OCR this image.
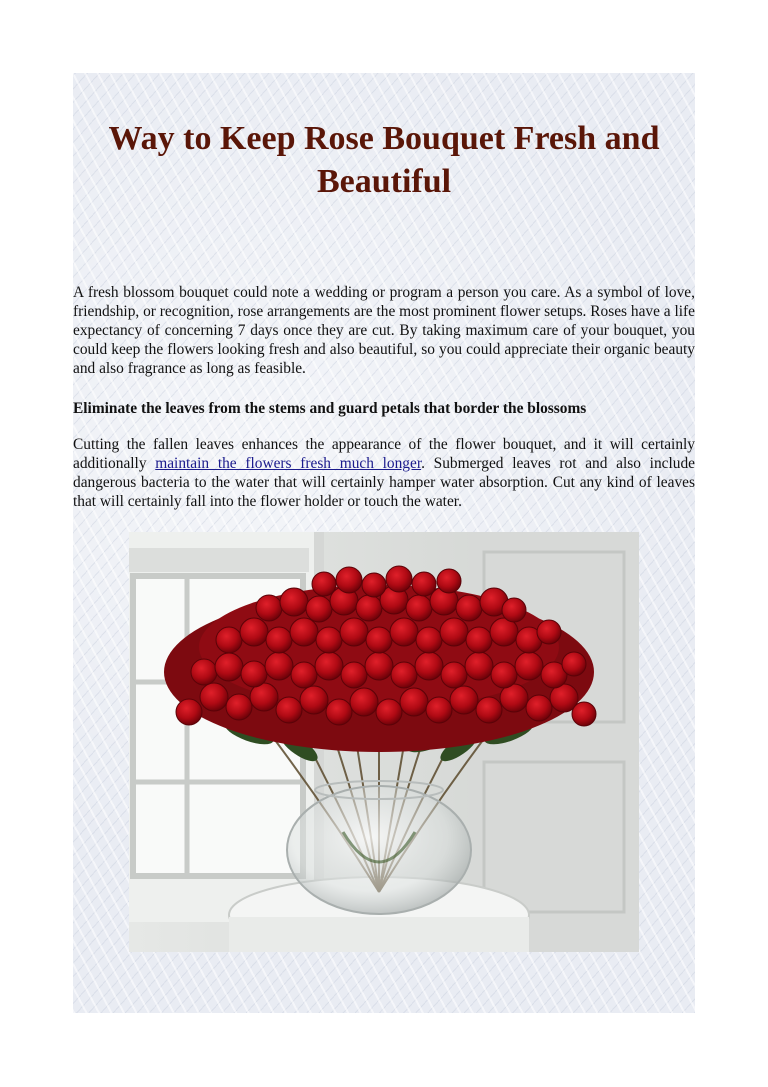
Way to Keep Rose Bouquet Fresh and Beautiful

A fresh blossom bouquet could note a wedding or program a person you care. As a symbol of love, friendship, or recognition, rose arrangements are the most prominent flower setups. Roses have a life expectancy of concerning 7 days once they are cut. By taking maximum care of your bouquet, you could keep the flowers looking fresh and also beautiful, so you could appreciate their organic beauty and also fragrance as long as feasible.

Eliminate the leaves from the stems and guard petals that border the blossoms

Cutting the fallen leaves enhances the appearance of the flower bouquet, and it will certainly additionally maintain the flowers fresh much longer. Submerged leaves rot and also include dangerous bacteria to the water that will certainly hamper water absorption. Cut any kind of leaves that will certainly fall into the flower holder or touch the water.
